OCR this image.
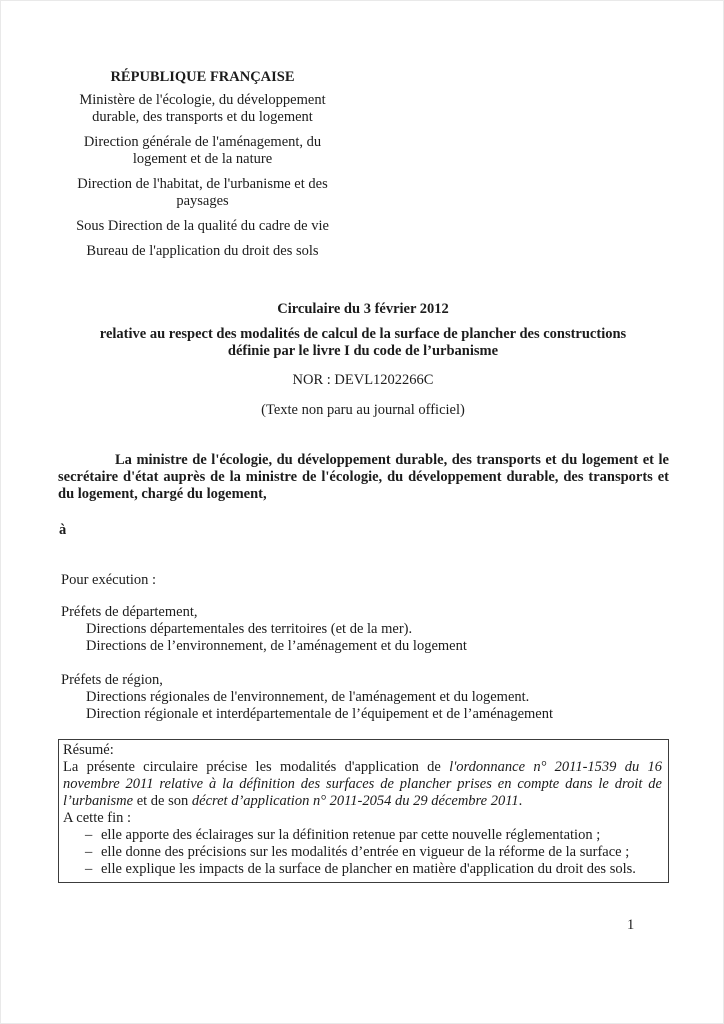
RÉPUBLIQUE FRANÇAISE
Ministère de l'écologie, du développement
durable, des transports et du logement
Direction générale de l'aménagement, du
logement et de la nature
Direction de l'habitat, de l'urbanisme et des
paysages
Sous Direction de la qualité du cadre de vie
Bureau de l'application du droit des sols
Circulaire du 3 février 2012
relative au respect des modalités de calcul de la surface de plancher des constructions
définie par le livre I du code de l’urbanisme
NOR : DEVL1202266C
(Texte non paru au journal officiel)

La ministre de l'écologie, du développement durable, des transports et du logement et le secrétaire d'état auprès de la ministre de l'écologie, du développement durable, des transports et du logement, chargé du logement,

à

Pour exécution :

Préfets de département,
Directions départementales des territoires (et de la mer).
Directions de l’environnement, de l’aménagement et du logement
Préfets de région,
Directions régionales de l'environnement, de l'aménagement et du logement.
Direction régionale et interdépartementale de l’équipement et de l’aménagement

Résumé:

La présente circulaire précise les modalités d'application de l'ordonnance n° 2011-1539 du 16 novembre 2011 relative à la définition des surfaces de plancher prises en compte dans le droit de l’urbanisme et de son décret d’application n° 2011-2054 du 29 décembre 2011.

A cette fin :

– elle apporte des éclairages sur la définition retenue par cette nouvelle réglementation ;
– elle donne des précisions sur les modalités d’entrée en vigueur de la réforme de la surface ;
– elle explique les impacts de la surface de plancher en matière d'application du droit des sols.
1
